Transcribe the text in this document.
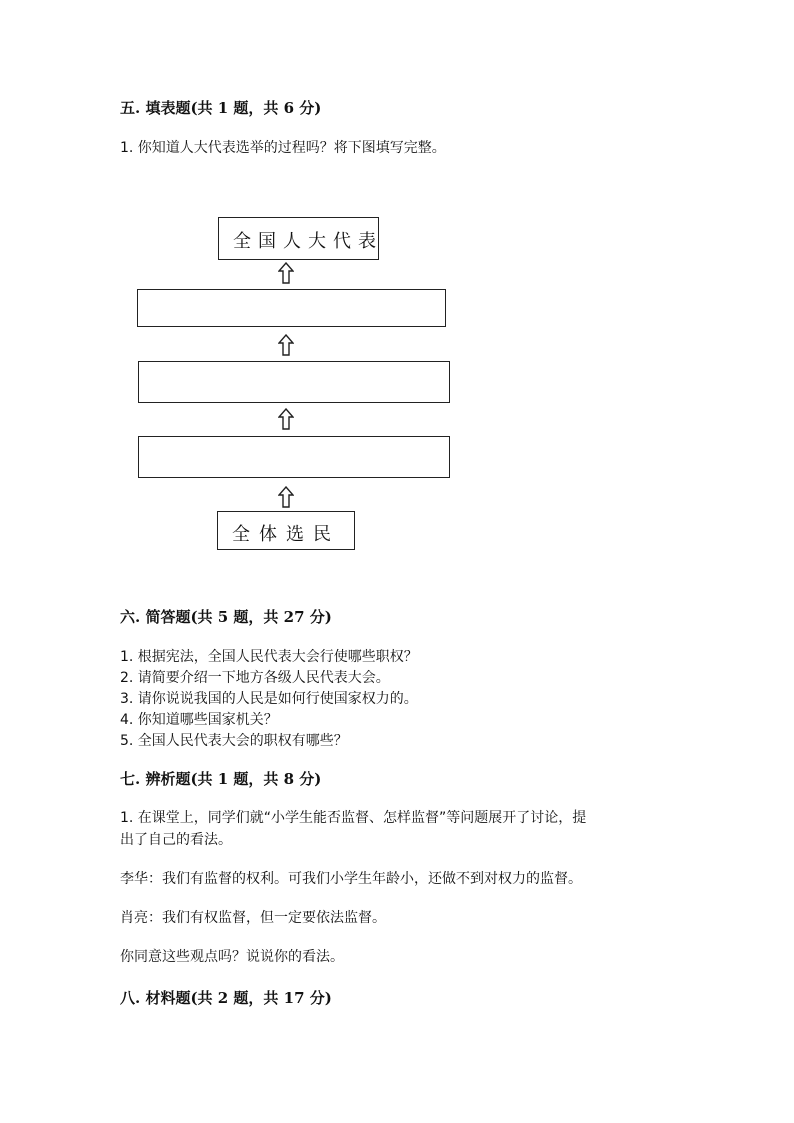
五. 填表题(共 1 题，共 6 分)
1. 你知道人大代表选举的过程吗？将下图填写完整。
全国人大代表
全体选民
六. 简答题(共 5 题，共 27 分)
1. 根据宪法，全国人民代表大会行使哪些职权？
2. 请简要介绍一下地方各级人民代表大会。
3. 请你说说我国的人民是如何行使国家权力的。
4. 你知道哪些国家机关？
5. 全国人民代表大会的职权有哪些？
七. 辨析题(共 1 题，共 8 分)
1. 在课堂上，同学们就“小学生能否监督、怎样监督”等问题展开了讨论，提
出了自己的看法。
李华：我们有监督的权利。可我们小学生年龄小，还做不到对权力的监督。
肖亮：我们有权监督，但一定要依法监督。
你同意这些观点吗？说说你的看法。
八. 材料题(共 2 题，共 17 分)
